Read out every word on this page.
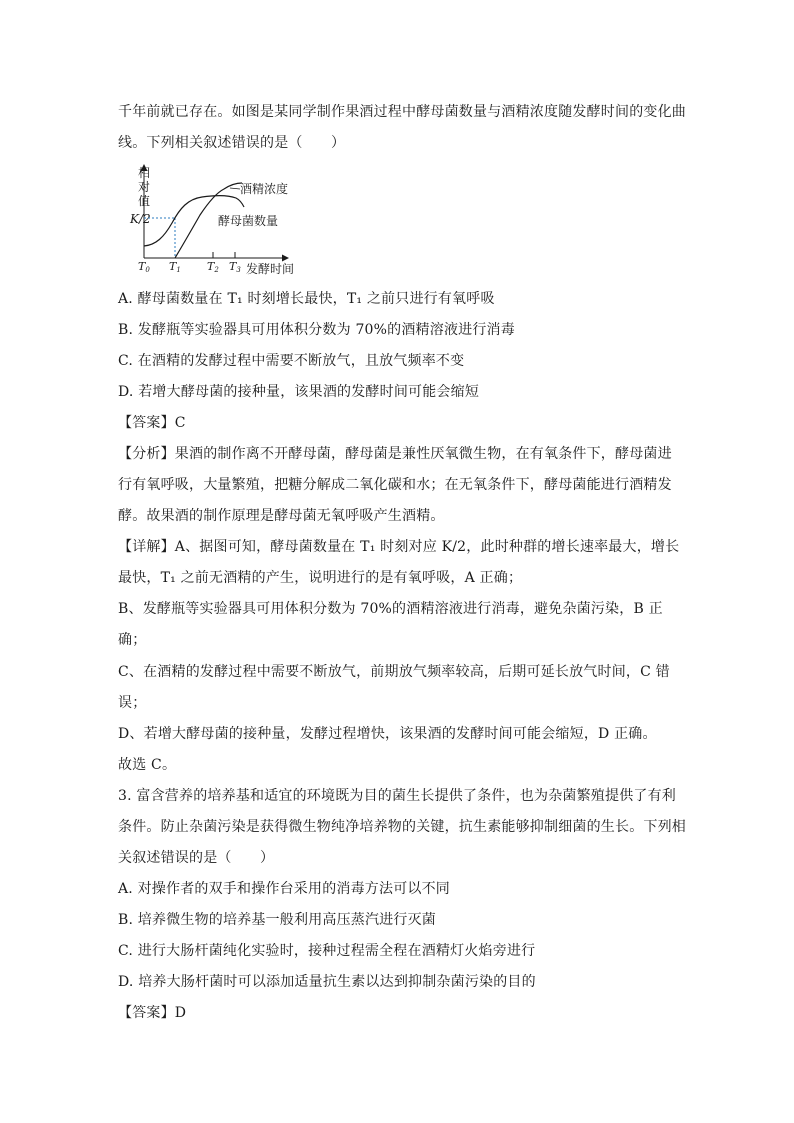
千年前就已存在。如图是某同学制作果酒过程中酵母菌数量与酒精浓度随发酵时间的变化曲
线。下列相关叙述错误的是（　　）
相
对
值
K/2
T0 T1 T2 T3 发酵时间
酒精浓度
酵母菌数量
A. 酵母菌数量在 T₁ 时刻增长最快，T₁ 之前只进行有氧呼吸
B. 发酵瓶等实验器具可用体积分数为 70%的酒精溶液进行消毒
C. 在酒精的发酵过程中需要不断放气，且放气频率不变
D. 若增大酵母菌的接种量，该果酒的发酵时间可能会缩短
【答案】C
【分析】果酒的制作离不开酵母菌，酵母菌是兼性厌氧微生物，在有氧条件下，酵母菌进
行有氧呼吸，大量繁殖，把糖分解成二氧化碳和水；在无氧条件下，酵母菌能进行酒精发
酵。故果酒的制作原理是酵母菌无氧呼吸产生酒精。
【详解】A、据图可知，酵母菌数量在 T₁ 时刻对应 K/2，此时种群的增长速率最大，增长
最快，T₁ 之前无酒精的产生，说明进行的是有氧呼吸，A 正确；
B、发酵瓶等实验器具可用体积分数为 70%的酒精溶液进行消毒，避免杂菌污染，B 正
确；
C、在酒精的发酵过程中需要不断放气，前期放气频率较高，后期可延长放气时间，C 错
误；
D、若增大酵母菌的接种量，发酵过程增快，该果酒的发酵时间可能会缩短，D 正确。
故选 C。
3. 富含营养的培养基和适宜的环境既为目的菌生长提供了条件，也为杂菌繁殖提供了有利
条件。防止杂菌污染是获得微生物纯净培养物的关键，抗生素能够抑制细菌的生长。下列相
关叙述错误的是（　　）
A. 对操作者的双手和操作台采用的消毒方法可以不同
B. 培养微生物的培养基一般利用高压蒸汽进行灭菌
C. 进行大肠杆菌纯化实验时，接种过程需全程在酒精灯火焰旁进行
D. 培养大肠杆菌时可以添加适量抗生素以达到抑制杂菌污染的目的
【答案】D
